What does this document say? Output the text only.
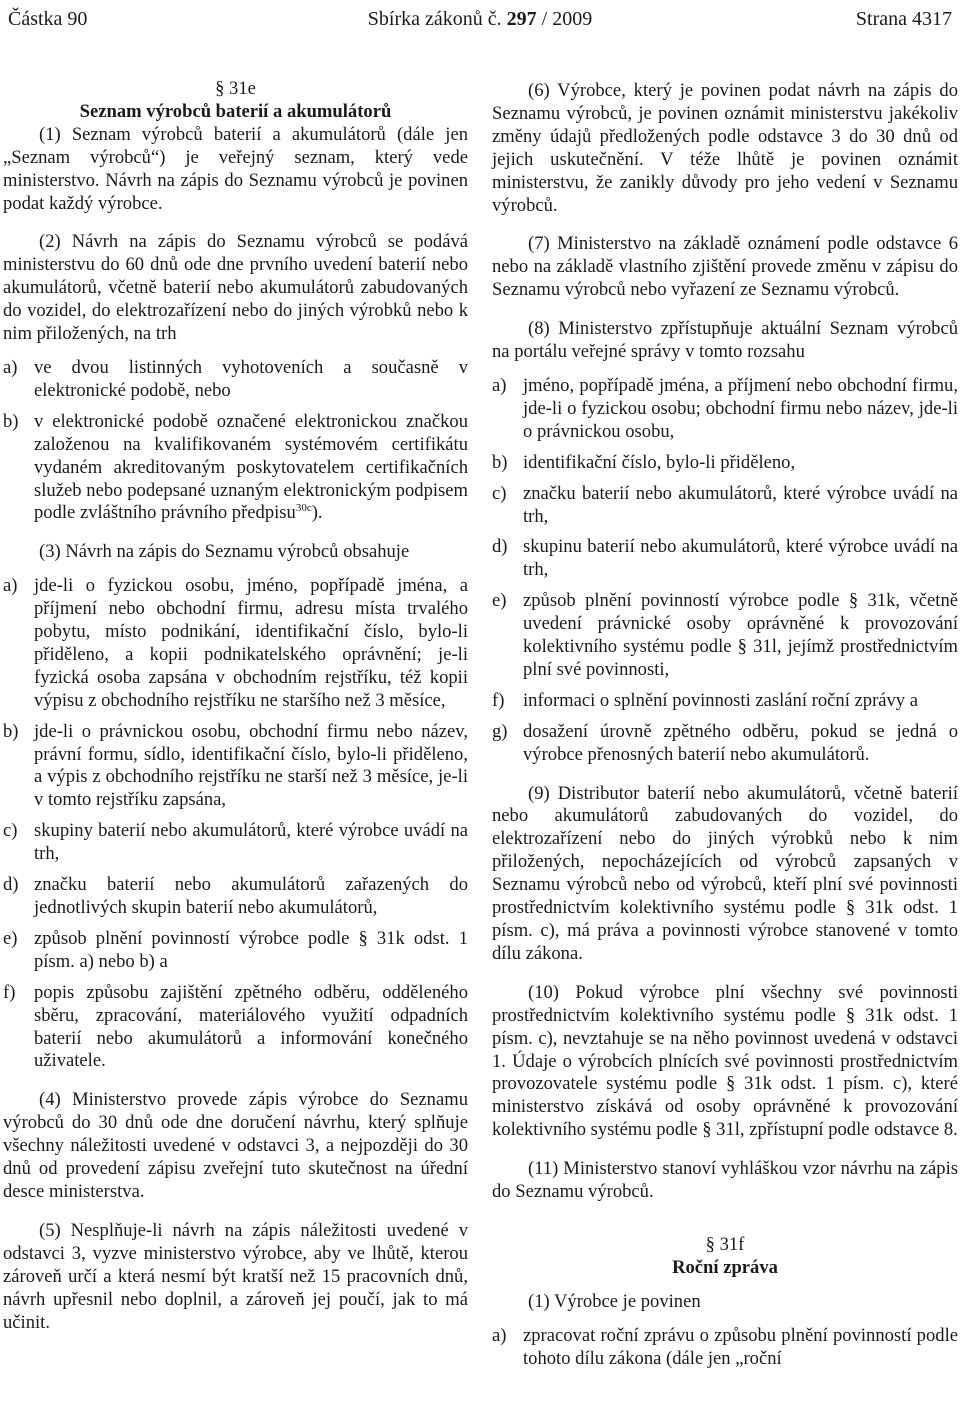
Částka 90	Sbírka zákonů č. 297 / 2009	Strana 4317

§ 31e

Seznam výrobců baterií a akumulátorů

(1) Seznam výrobců baterií a akumulátorů (dále jen „Seznam výrobců“) je veřejný seznam, který vede ministerstvo. Návrh na zápis do Seznamu výrobců je povinen podat každý výrobce.

(2) Návrh na zápis do Seznamu výrobců se podává ministerstvu do 60 dnů ode dne prvního uvedení baterií nebo akumulátorů, včetně baterií nebo akumulátorů zabudovaných do vozidel, do elektrozařízení nebo do jiných výrobků nebo k nim přiložených, na trh

a) ve dvou listinných vyhotoveních a současně v elektronické podobě, nebo

b) v elektronické podobě označené elektronickou značkou založenou na kvalifikovaném systémovém certifikátu vydaném akreditovaným poskytovatelem certifikačních služeb nebo podepsané uznaným elektronickým podpisem podle zvláštního právního předpisu$^{30c}$).

(3) Návrh na zápis do Seznamu výrobců obsahuje

a) jde-li o fyzickou osobu, jméno, popřípadě jména, a příjmení nebo obchodní firmu, adresu místa trvalého pobytu, místo podnikání, identifikační číslo, bylo-li přiděleno, a kopii podnikatelského oprávnění; je-li fyzická osoba zapsána v obchodním rejstříku, též kopii výpisu z obchodního rejstříku ne staršího než 3 měsíce,

b) jde-li o právnickou osobu, obchodní firmu nebo název, právní formu, sídlo, identifikační číslo, bylo-li přiděleno, a výpis z obchodního rejstříku ne starší než 3 měsíce, je-li v tomto rejstříku zapsána,

c) skupiny baterií nebo akumulátorů, které výrobce uvádí na trh,

d) značku baterií nebo akumulátorů zařazených do jednotlivých skupin baterií nebo akumulátorů,

e) způsob plnění povinností výrobce podle § 31k odst. 1 písm. a) nebo b) a

f) popis způsobu zajištění zpětného odběru, odděleného sběru, zpracování, materiálového využití odpadních baterií nebo akumulátorů a informování konečného uživatele.

(4) Ministerstvo provede zápis výrobce do Seznamu výrobců do 30 dnů ode dne doručení návrhu, který splňuje všechny náležitosti uvedené v odstavci 3, a nejpozději do 30 dnů od provedení zápisu zveřejní tuto skutečnost na úřední desce ministerstva.

(5) Nesplňuje-li návrh na zápis náležitosti uvedené v odstavci 3, vyzve ministerstvo výrobce, aby ve lhůtě, kterou zároveň určí a která nesmí být kratší než 15 pracovních dnů, návrh upřesnil nebo doplnil, a zároveň jej poučí, jak to má učinit.

(6) Výrobce, který je povinen podat návrh na zápis do Seznamu výrobců, je povinen oznámit ministerstvu jakékoliv změny údajů předložených podle odstavce 3 do 30 dnů od jejich uskutečnění. V téže lhůtě je povinen oznámit ministerstvu, že zanikly důvody pro jeho vedení v Seznamu výrobců.

(7) Ministerstvo na základě oznámení podle odstavce 6 nebo na základě vlastního zjištění provede změnu v zápisu do Seznamu výrobců nebo vyřazení ze Seznamu výrobců.

(8) Ministerstvo zpřístupňuje aktuální Seznam výrobců na portálu veřejné správy v tomto rozsahu

a) jméno, popřípadě jména, a příjmení nebo obchodní firmu, jde-li o fyzickou osobu; obchodní firmu nebo název, jde-li o právnickou osobu,

b) identifikační číslo, bylo-li přiděleno,

c) značku baterií nebo akumulátorů, které výrobce uvádí na trh,

d) skupinu baterií nebo akumulátorů, které výrobce uvádí na trh,

e) způsob plnění povinností výrobce podle § 31k, včetně uvedení právnické osoby oprávněné k provozování kolektivního systému podle § 31l, jejímž prostřednictvím plní své povinnosti,

f) informaci o splnění povinnosti zaslání roční zprávy a

g) dosažení úrovně zpětného odběru, pokud se jedná o výrobce přenosných baterií nebo akumulátorů.

(9) Distributor baterií nebo akumulátorů, včetně baterií nebo akumulátorů zabudovaných do vozidel, do elektrozařízení nebo do jiných výrobků nebo k nim přiložených, nepocházejících od výrobců zapsaných v Seznamu výrobců nebo od výrobců, kteří plní své povinnosti prostřednictvím kolektivního systému podle § 31k odst. 1 písm. c), má práva a povinnosti výrobce stanovené v tomto dílu zákona.

(10) Pokud výrobce plní všechny své povinnosti prostřednictvím kolektivního systému podle § 31k odst. 1 písm. c), nevztahuje se na něho povinnost uvedená v odstavci 1. Údaje o výrobcích plnících své povinnosti prostřednictvím provozovatele systému podle § 31k odst. 1 písm. c), které ministerstvo získává od osoby oprávněné k provozování kolektivního systému podle § 31l, zpřístupní podle odstavce 8.

(11) Ministerstvo stanoví vyhláškou vzor návrhu na zápis do Seznamu výrobců.

§ 31f

Roční zpráva

(1) Výrobce je povinen

a) zpracovat roční zprávu o způsobu plnění povinností podle tohoto dílu zákona (dále jen „roční
